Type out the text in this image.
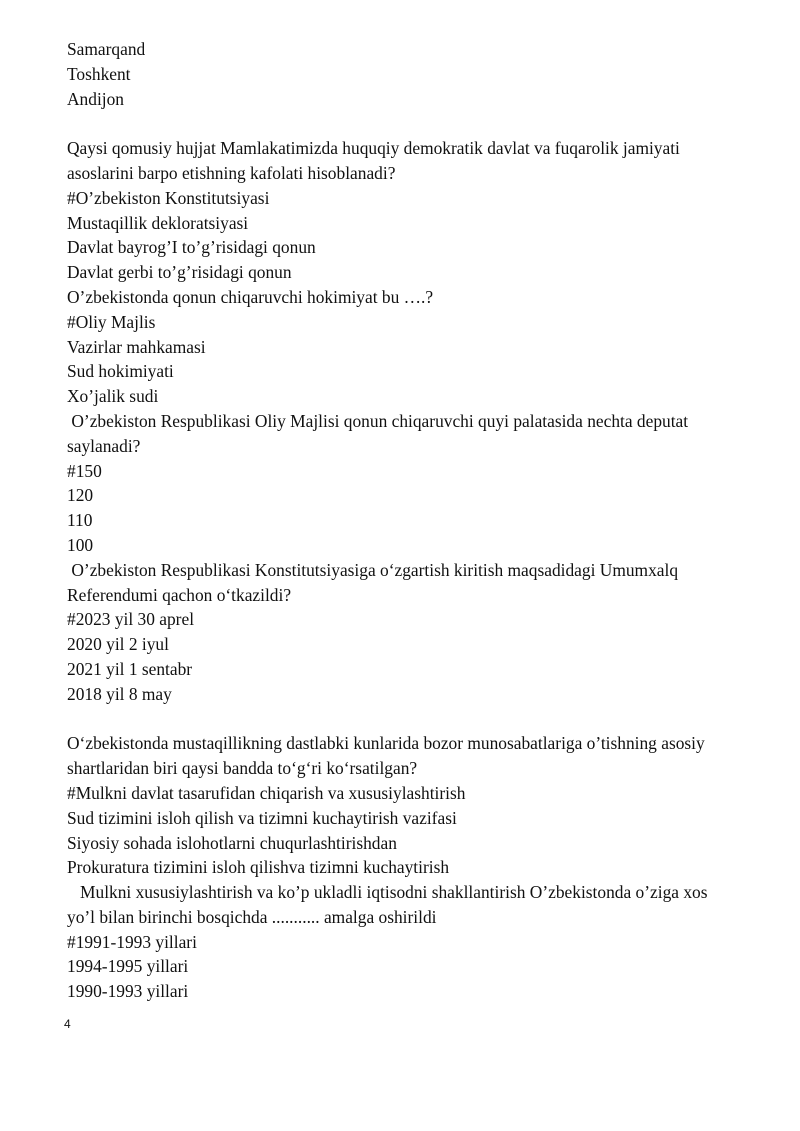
Samarqand
Toshkent
Andijon
Qaysi qomusiy hujjat Mamlakatimizda huquqiy demokratik davlat va fuqarolik jamiyati
asoslarini barpo etishning kafolati hisoblanadi?
#O’zbekiston Konstitutsiyasi
Mustaqillik dekloratsiyasi
Davlat bayrog’I to’g’risidagi qonun
Davlat gerbi to’g’risidagi qonun
O’zbekistonda qonun chiqaruvchi hokimiyat bu ….?
#Oliy Majlis
Vazirlar mahkamasi
Sud hokimiyati
Xo’jalik sudi
O’zbekiston Respublikasi Oliy Majlisi qonun chiqaruvchi quyi palatasida nechta deputat
saylanadi?
#150
120
110
100
O’zbekiston Respublikasi Konstitutsiyasiga o‘zgartish kiritish maqsadidagi Umumxalq
Referendumi qachon o‘tkazildi?
#2023 yil 30 aprel
2020 yil 2 iyul
2021 yil 1 sentabr
2018 yil 8 may
O‘zbekistonda mustaqillikning dastlabki kunlarida bozor munosabatlariga o’tishning asosiy
shartlaridan biri qaysi bandda to‘g‘ri ko‘rsatilgan?
#Mulkni davlat tasarufidan chiqarish va xususiylashtirish
Sud tizimini isloh qilish va tizimni kuchaytirish vazifasi
Siyosiy sohada islohotlarni chuqurlashtirishdan
Prokuratura tizimini isloh qilishva tizimni kuchaytirish
Mulkni xususiylashtirish va ko’p ukladli iqtisodni shakllantirish O’zbekistonda o’ziga xos
yo’l bilan birinchi bosqichda ........... amalga oshirildi
#1991-1993 yillari
1994-1995 yillari
1990-1993 yillari
4
